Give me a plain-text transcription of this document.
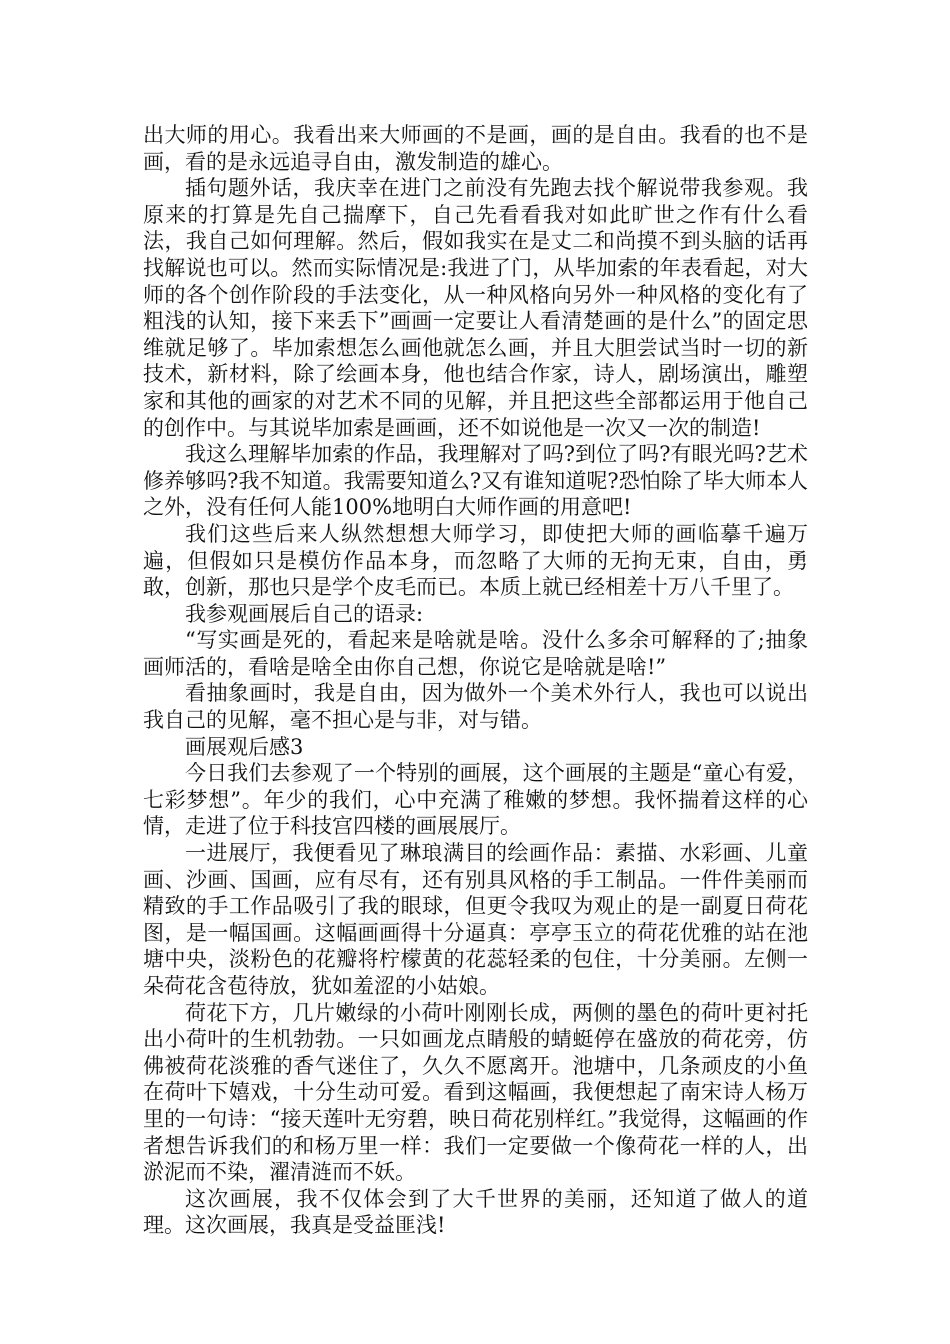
出大师的用心。我看出来大师画的不是画，画的是自由。我看的也不是画，看的是永远追寻自由，激发制造的雄心。

插句题外话，我庆幸在进门之前没有先跑去找个解说带我参观。我原来的打算是先自己揣摩下，自己先看看我对如此旷世之作有什么看法，我自己如何理解。然后，假如我实在是丈二和尚摸不到头脑的话再找解说也可以。然而实际情况是:我进了门，从毕加索的年表看起，对大师的各个创作阶段的手法变化，从一种风格向另外一种风格的变化有了粗浅的认知，接下来丢下”画画一定要让人看清楚画的是什么”的固定思维就足够了。毕加索想怎么画他就怎么画，并且大胆尝试当时一切的新技术，新材料，除了绘画本身，他也结合作家，诗人，剧场演出，雕塑家和其他的画家的对艺术不同的见解，并且把这些全部都运用于他自己的创作中。与其说毕加索是画画，还不如说他是一次又一次的制造!

我这么理解毕加索的作品，我理解对了吗?到位了吗?有眼光吗?艺术修养够吗?我不知道。我需要知道么?又有谁知道呢?恐怕除了毕大师本人之外，没有任何人能100%地明白大师作画的用意吧!

我们这些后来人纵然想想大师学习，即使把大师的画临摹千遍万遍，但假如只是模仿作品本身，而忽略了大师的无拘无束，自由，勇敢，创新，那也只是学个皮毛而已。本质上就已经相差十万八千里了。

我参观画展后自己的语录:

“写实画是死的，看起来是啥就是啥。没什么多余可解释的了;抽象画师活的，看啥是啥全由你自己想，你说它是啥就是啥!”

看抽象画时，我是自由，因为做外一个美术外行人，我也可以说出我自己的见解，毫不担心是与非，对与错。

画展观后感3

今日我们去参观了一个特别的画展，这个画展的主题是“童心有爱，七彩梦想”。年少的我们，心中充满了稚嫩的梦想。我怀揣着这样的心情，走进了位于科技宫四楼的画展展厅。

一进展厅，我便看见了琳琅满目的绘画作品：素描、水彩画、儿童画、沙画、国画，应有尽有，还有别具风格的手工制品。一件件美丽而精致的手工作品吸引了我的眼球，但更令我叹为观止的是一副夏日荷花图，是一幅国画。这幅画画得十分逼真：亭亭玉立的荷花优雅的站在池塘中央，淡粉色的花瓣将柠檬黄的花蕊轻柔的包住，十分美丽。左侧一朵荷花含苞待放，犹如羞涩的小姑娘。

荷花下方，几片嫩绿的小荷叶刚刚长成，两侧的墨色的荷叶更衬托出小荷叶的生机勃勃。一只如画龙点睛般的蜻蜓停在盛放的荷花旁，仿佛被荷花淡雅的香气迷住了，久久不愿离开。池塘中，几条顽皮的小鱼在荷叶下嬉戏，十分生动可爱。看到这幅画，我便想起了南宋诗人杨万里的一句诗：“接天莲叶无穷碧，映日荷花别样红。”我觉得，这幅画的作者想告诉我们的和杨万里一样：我们一定要做一个像荷花一样的人，出淤泥而不染，濯清涟而不妖。

这次画展，我不仅体会到了大千世界的美丽，还知道了做人的道理。这次画展，我真是受益匪浅!
